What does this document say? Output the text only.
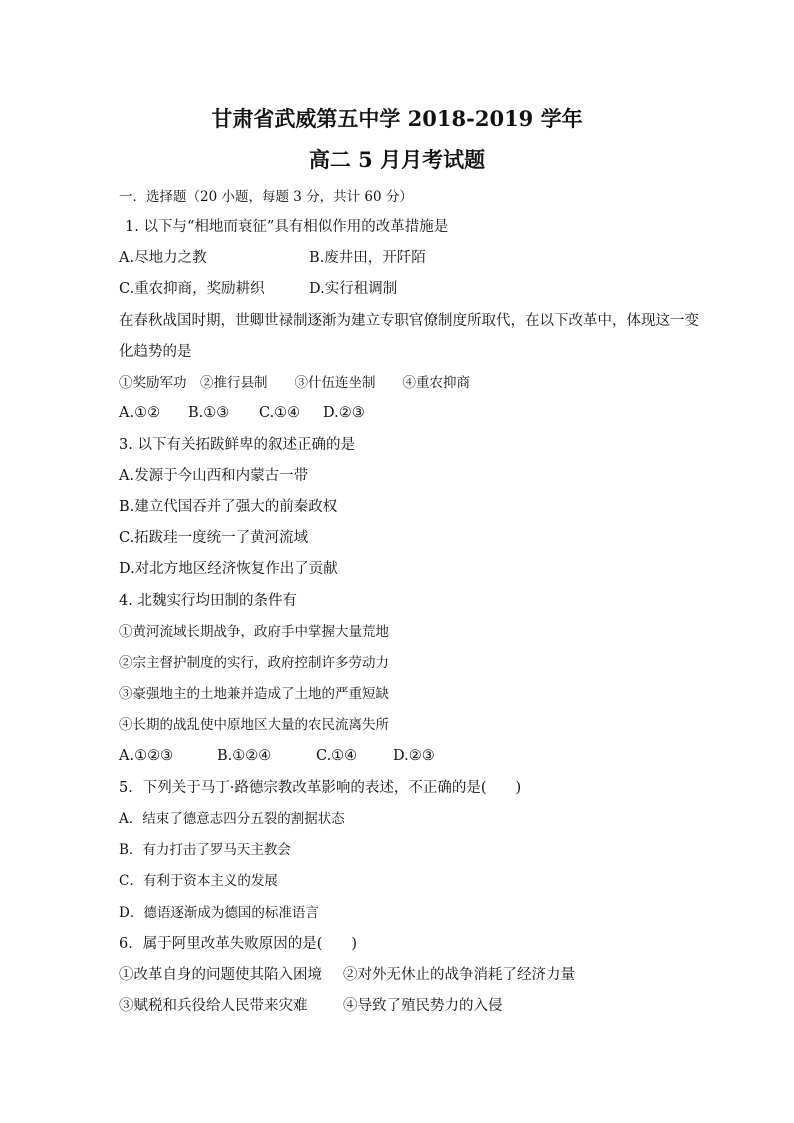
甘肃省武威第五中学 2018-2019 学年
高二 5 月月考试题
一．选择题（20 小题，每题 3 分，共计 60 分）
1. 以下与“相地而衰征”具有相似作用的改革措施是
A.尽地力之教	B.废井田，开阡陌
C.重农抑商，奖励耕织	D.实行租调制
在春秋战国时期，世卿世禄制逐渐为建立专职官僚制度所取代，在以下改革中，体现这一变
化趋势的是
①奖励军功　②推行县制　　③什伍连坐制　　④重农抑商
A.①② B.①③ C.①④ D.②③
3. 以下有关拓跋鲜卑的叙述正确的是
A.发源于今山西和内蒙古一带
B.建立代国吞并了强大的前秦政权
C.拓跋珪一度统一了黄河流域
D.对北方地区经济恢复作出了贡献
4. 北魏实行均田制的条件有
①黄河流域长期战争，政府手中掌握大量荒地
②宗主督护制度的实行，政府控制许多劳动力
③豪强地主的土地兼并造成了土地的严重短缺
④长期的战乱使中原地区大量的农民流离失所
A.①②③	B.①②④	C.①④ D.②③
5．下列关于马丁·路德宗教改革影响的表述，不正确的是(　　)
A．结束了德意志四分五裂的割据状态
B．有力打击了罗马天主教会
C．有利于资本主义的发展
D．德语逐渐成为德国的标准语言
6．属于阿里改革失败原因的是(　　)
①改革自身的问题使其陷入困境 ②对外无休止的战争消耗了经济力量
③赋税和兵役给人民带来灾难 ④导致了殖民势力的入侵
